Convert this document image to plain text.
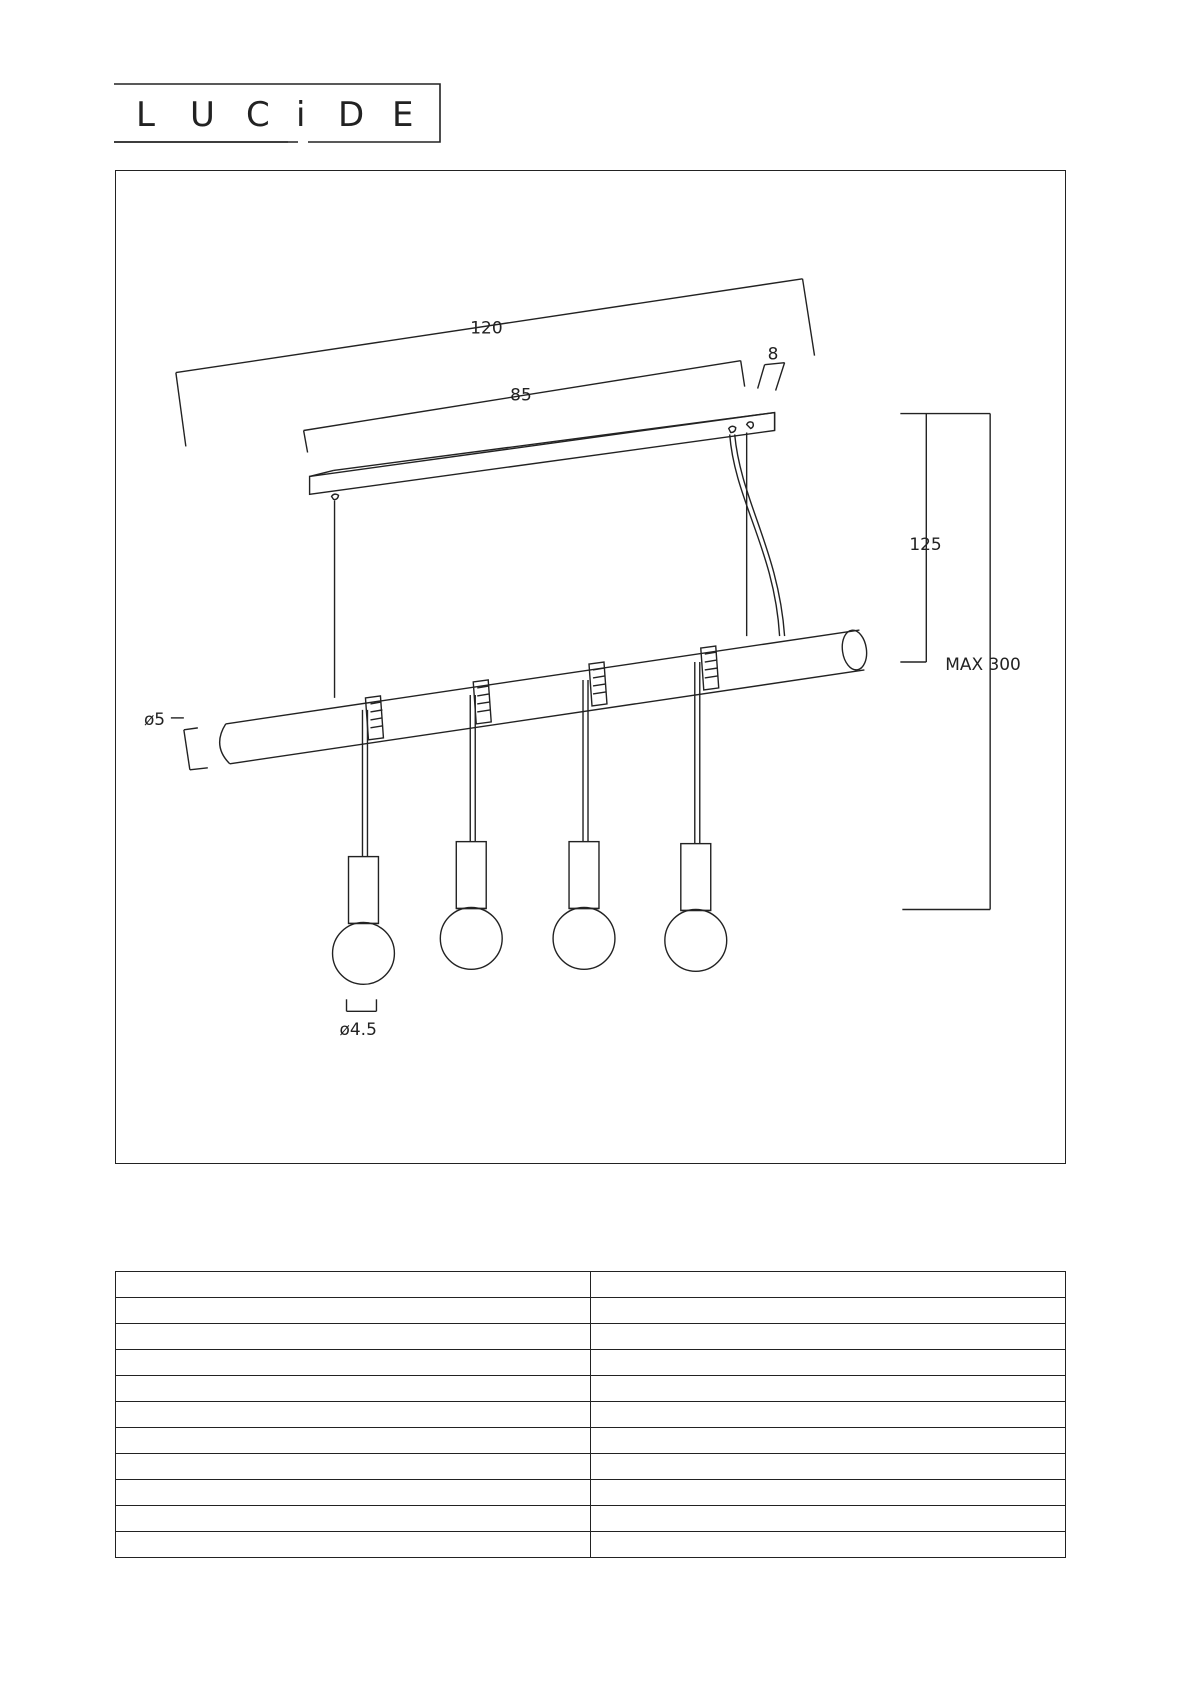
L U C i D E
120
85
8
ø5
ø4.5
125
MAX 300
